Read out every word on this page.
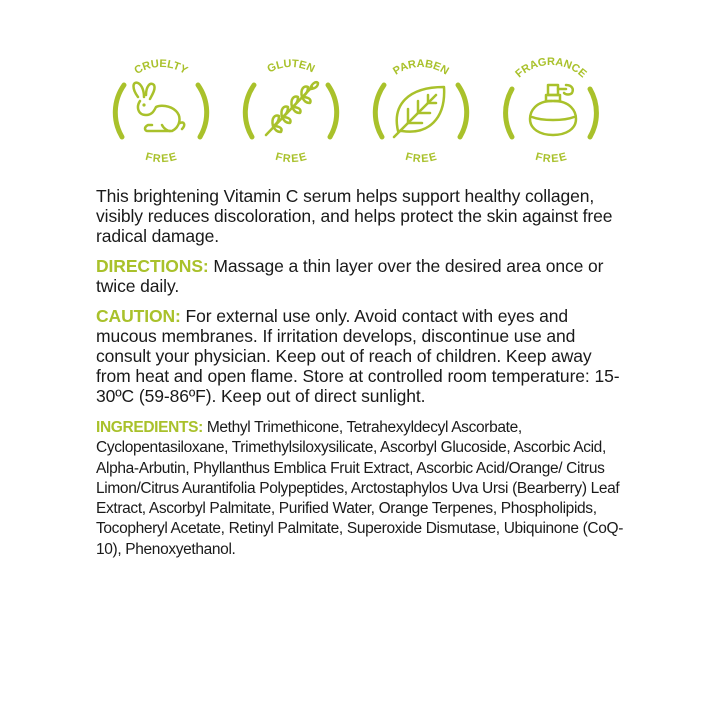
CRUELTY
FREE
GLUTEN
FREE
PARABEN
FREE
FRAGRANCE
FREE

This brightening Vitamin C serum helps support healthy collagen, visibly reduces discoloration, and helps protect the skin against free radical damage.

DIRECTIONS: Massage a thin layer over the desired area once or twice daily.

CAUTION: For external use only. Avoid contact with eyes and mucous membranes. If irritation develops, discontinue use and consult your physician. Keep out of reach of children. Keep away from heat and open flame. Store at controlled room temperature: 15-30ºC (59-86ºF). Keep out of direct sunlight.

INGREDIENTS: Methyl Trimethicone, Tetrahexyldecyl Ascorbate, Cyclopentasiloxane, Trimethylsiloxysilicate, Ascorbyl Glucoside, Ascorbic Acid, Alpha-Arbutin, Phyllanthus Emblica Fruit Extract, Ascorbic Acid/Orange/ Citrus Limon/Citrus Aurantifolia Polypeptides, Arctostaphylos Uva Ursi (Bearberry) Leaf Extract, Ascorbyl Palmitate, Purified Water, Orange Terpenes, Phospholipids, Tocopheryl Acetate, Retinyl Palmitate, Superoxide Dismutase, Ubiquinone (CoQ-10), Phenoxyethanol.
